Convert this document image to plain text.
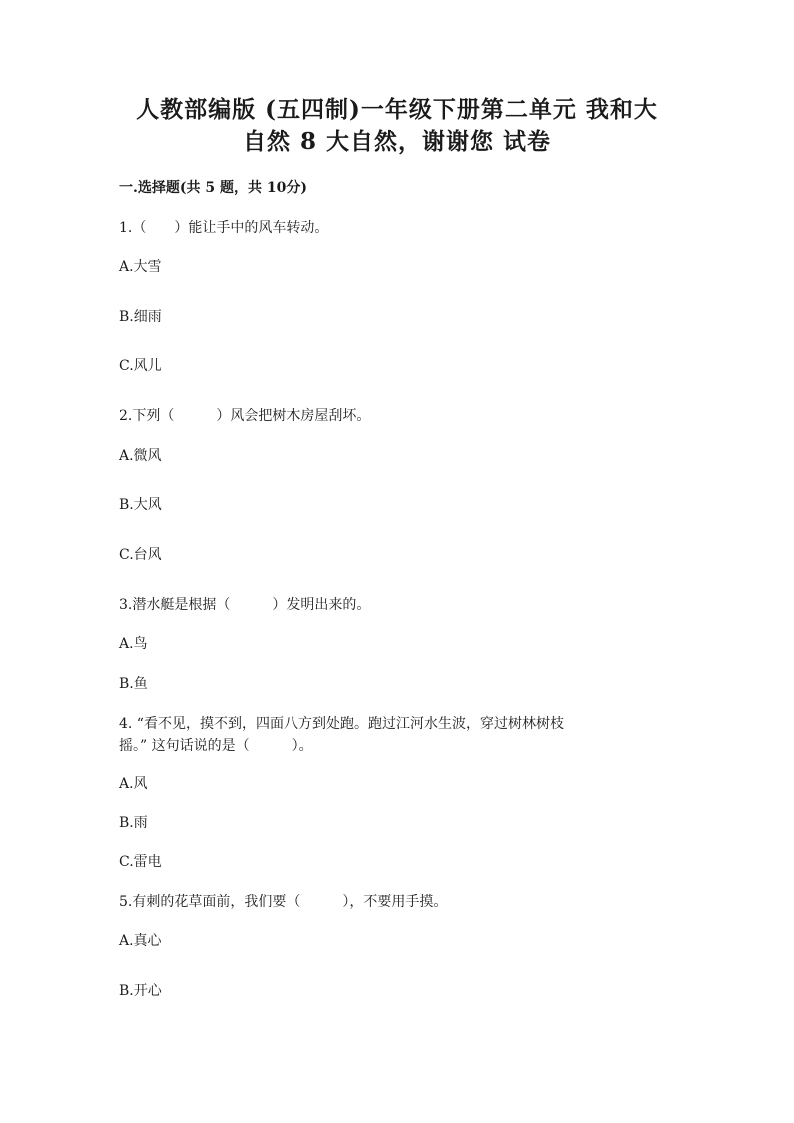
人教部编版 (五四制)一年级下册第二单元 我和大
自然 8 大自然，谢谢您 试卷
一.选择题(共 5 题，共 10分)
1.（　　）能让手中的风车转动。
A.大雪
B.细雨
C.风儿
2.下列（　　　）风会把树木房屋刮坏。
A.微风
B.大风
C.台风
3.潜水艇是根据（　　　）发明出来的。
A.鸟
B.鱼
4. “看不见，摸不到，四面八方到处跑。跑过江河水生波，穿过树林树枝
摇。” 这句话说的是（　　　）。
A.风
B.雨
C.雷电
5.有刺的花草面前，我们要（　　　），不要用手摸。
A.真心
B.开心
